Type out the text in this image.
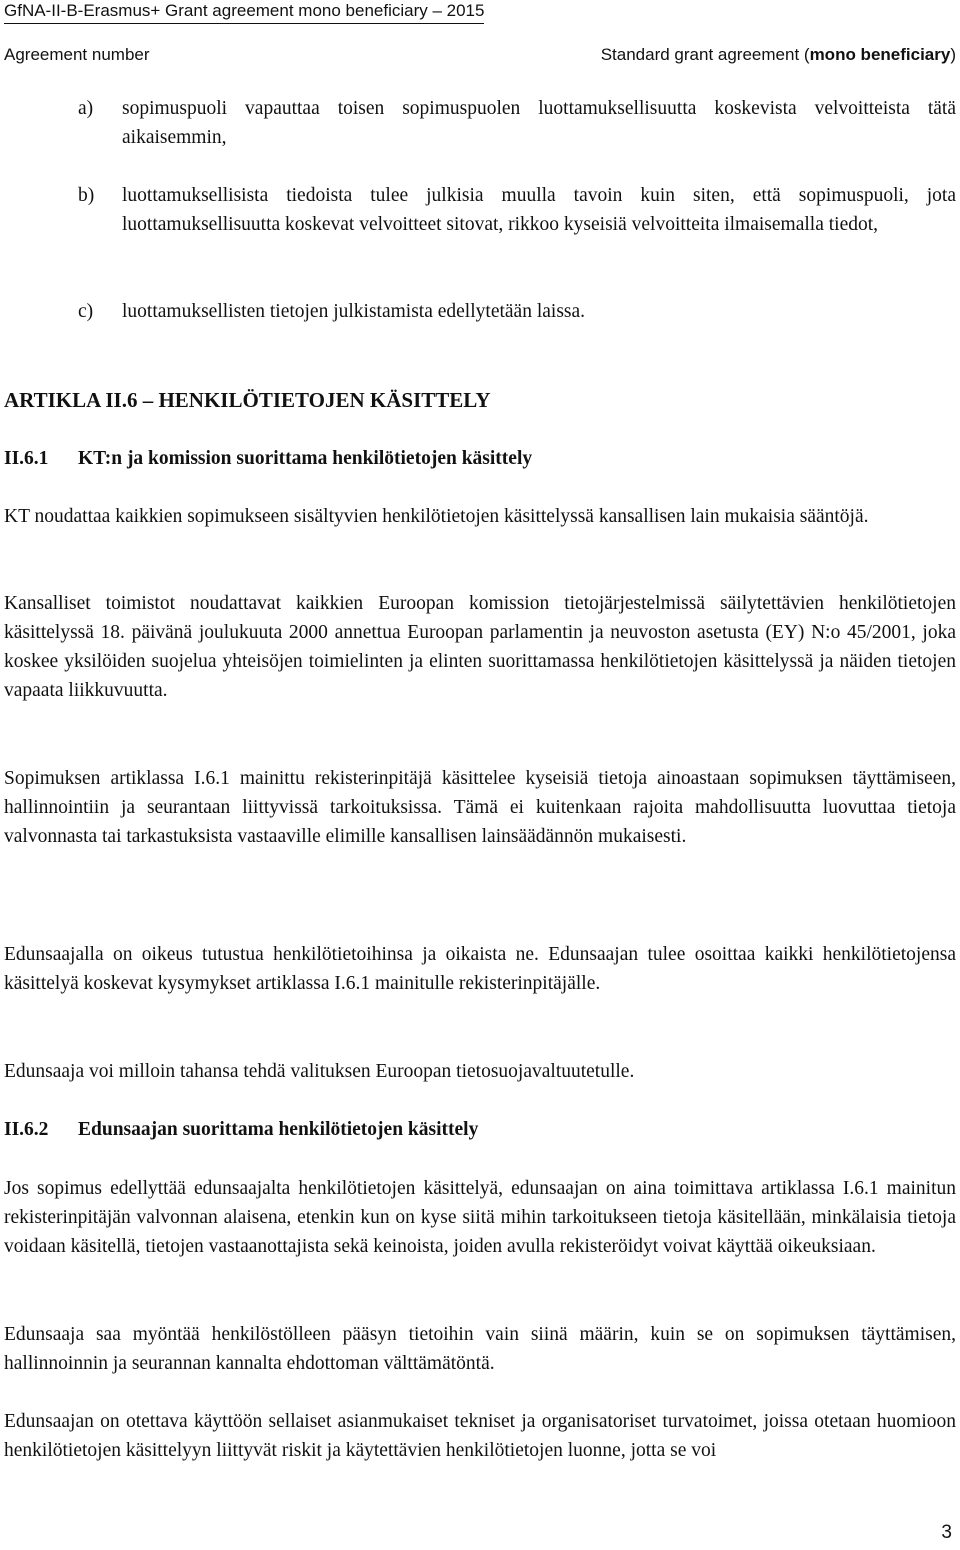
GfNA-II-B-Erasmus+ Grant agreement mono beneficiary – 2015
Agreement number	Standard grant agreement (mono beneficiary)
a)	sopimuspuoli vapauttaa toisen sopimuspuolen luottamuksellisuutta koskevista velvoitteista tätä aikaisemmin,
b)	luottamuksellisista tiedoista tulee julkisia muulla tavoin kuin siten, että sopimuspuoli, jota luottamuksellisuutta koskevat velvoitteet sitovat, rikkoo kyseisiä velvoitteita ilmaisemalla tiedot,
c)	luottamuksellisten tietojen julkistamista edellytetään laissa.
ARTIKLA II.6 – HENKILÖTIETOJEN KÄSITTELY
II.6.1	KT:n ja komission suorittama henkilötietojen käsittely
KT noudattaa kaikkien sopimukseen sisältyvien henkilötietojen käsittelyssä kansallisen lain mukaisia sääntöjä.
Kansalliset toimistot noudattavat kaikkien Euroopan komission tietojärjestelmissä säilytettävien henkilötietojen käsittelyssä 18. päivänä joulukuuta 2000 annettua Euroopan parlamentin ja neuvoston asetusta (EY) N:o 45/2001, joka koskee yksilöiden suojelua yhteisöjen toimielinten ja elinten suorittamassa henkilötietojen käsittelyssä ja näiden tietojen vapaata liikkuvuutta.
Sopimuksen artiklassa I.6.1 mainittu rekisterinpitäjä käsittelee kyseisiä tietoja ainoastaan sopimuksen täyttämiseen, hallinnointiin ja seurantaan liittyvissä tarkoituksissa. Tämä ei kuitenkaan rajoita mahdollisuutta luovuttaa tietoja valvonnasta tai tarkastuksista vastaaville elimille kansallisen lainsäädännön mukaisesti.
Edunsaajalla on oikeus tutustua henkilötietoihinsa ja oikaista ne. Edunsaajan tulee osoittaa kaikki henkilötietojensa käsittelyä koskevat kysymykset artiklassa I.6.1 mainitulle rekisterinpitäjälle.
Edunsaaja voi milloin tahansa tehdä valituksen Euroopan tietosuojavaltuutetulle.
II.6.2	Edunsaajan suorittama henkilötietojen käsittely
Jos sopimus edellyttää edunsaajalta henkilötietojen käsittelyä, edunsaajan on aina toimittava artiklassa I.6.1 mainitun rekisterinpitäjän valvonnan alaisena, etenkin kun on kyse siitä mihin tarkoitukseen tietoja käsitellään, minkälaisia tietoja voidaan käsitellä, tietojen vastaanottajista sekä keinoista, joiden avulla rekisteröidyt voivat käyttää oikeuksiaan.
Edunsaaja saa myöntää henkilöstölleen pääsyn tietoihin vain siinä määrin, kuin se on sopimuksen täyttämisen, hallinnoinnin ja seurannan kannalta ehdottoman välttämätöntä.
Edunsaajan on otettava käyttöön sellaiset asianmukaiset tekniset ja organisatoriset turvatoimet, joissa otetaan huomioon henkilötietojen käsittelyyn liittyvät riskit ja käytettävien henkilötietojen luonne, jotta se voi
3
